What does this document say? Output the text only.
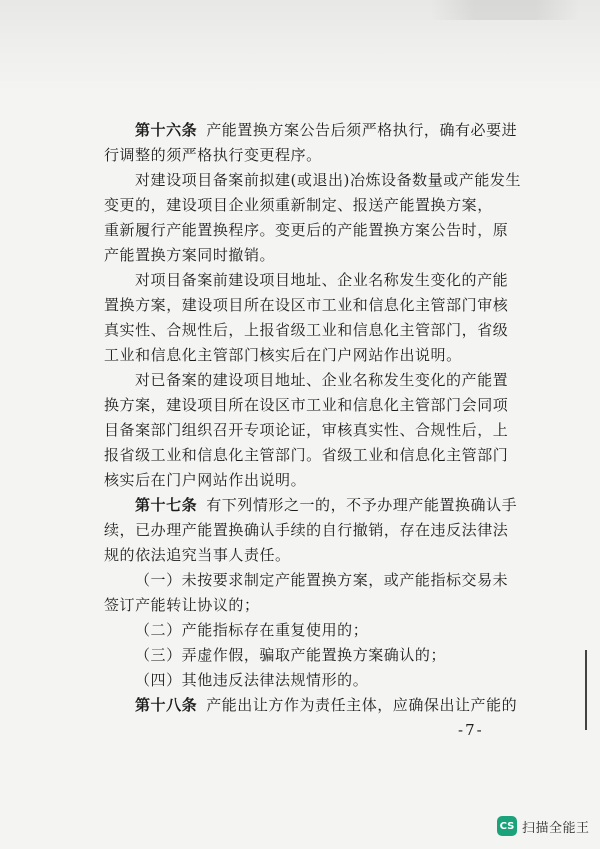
第十六条 产能置换方案公告后须严格执行，确有必要进
行调整的须严格执行变更程序。
对建设项目备案前拟建(或退出)冶炼设备数量或产能发生
变更的，建设项目企业须重新制定、报送产能置换方案，
重新履行产能置换程序。变更后的产能置换方案公告时，原
产能置换方案同时撤销。
对项目备案前建设项目地址、企业名称发生变化的产能
置换方案，建设项目所在设区市工业和信息化主管部门审核
真实性、合规性后，上报省级工业和信息化主管部门，省级
工业和信息化主管部门核实后在门户网站作出说明。
对已备案的建设项目地址、企业名称发生变化的产能置
换方案，建设项目所在设区市工业和信息化主管部门会同项
目备案部门组织召开专项论证，审核真实性、合规性后，上
报省级工业和信息化主管部门。省级工业和信息化主管部门
核实后在门户网站作出说明。
第十七条 有下列情形之一的，不予办理产能置换确认手
续，已办理产能置换确认手续的自行撤销，存在违反法律法
规的依法追究当事人责任。
（一）未按要求制定产能置换方案，或产能指标交易未
签订产能转让协议的；
（二）产能指标存在重复使用的；
（三）弄虚作假，骗取产能置换方案确认的；
（四）其他违反法律法规情形的。
第十八条 产能出让方作为责任主体，应确保出让产能的
-7-
CS 扫描全能王
